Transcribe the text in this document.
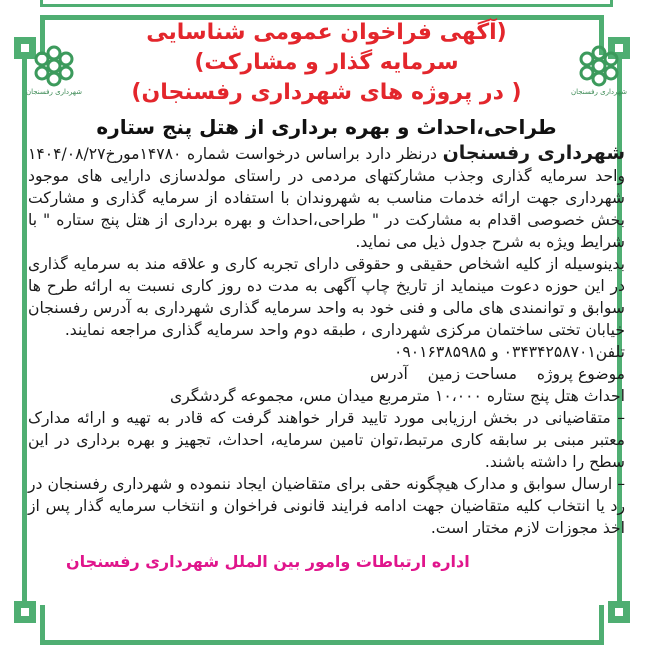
شهرداری رفسنجان	شهرداری رفسنجان
(آگهی فراخوان عمومی شناسایی سرمایه گذار و مشارکت)
( در پروژه های شهرداری رفسنجان)
طراحی،احداث و بهره برداری از هتل پنج ستاره

شهرداری رفسنجان درنظر دارد براساس درخواست شماره ۱۴۷۸۰مورخ۱۴۰۴/۰۸/۲۷ واحد سرمایه گذاری وجذب مشارکتهای مردمی در راستای مولدسازی دارایی های موجود شهرداری جهت ارائه خدمات مناسب به شهروندان با استفاده از سرمایه گذاری و مشارکت بخش خصوصی اقدام به مشارکت در " طراحی،احداث و بهره برداری از هتل پنج ستاره " با شرایط ویژه به شرح جدول ذیل می نماید.

بدینوسیله از کلیه اشخاص حقیقی و حقوقی دارای تجربه کاری و علاقه مند به سرمایه گذاری در این حوزه دعوت مینماید از تاریخ چاپ آگهی به مدت ده روز کاری نسبت به ارائه طرح ها سوابق و توانمندی های مالی و فنی خود به واحد سرمایه گذاری شهرداری به آدرس رفسنجان خیابان تختی ساختمان مرکزی شهرداری ، طبقه دوم واحد سرمایه گذاری مراجعه نمایند.

تلفن۰۳۴۳۴۲۵۸۷۰۱ و ۰۹۰۱۶۳۸۵۹۸۵

موضوع پروژه    مساحت زمین    آدرس

احداث هتل پنج ستاره ۱۰،۰۰۰ مترمربع میدان مس، مجموعه گردشگری

– متقاضیانی در بخش ارزیابی مورد تایید قرار خواهند گرفت که قادر به تهیه و ارائه مدارک معتبر مبنی بر سابقه کاری مرتبط،توان تامین سرمایه، احداث، تجهیز و بهره برداری در این سطح را داشته باشند.

– ارسال سوابق و مدارک هیچگونه حقی برای متقاضیان ایجاد ننموده و شهرداری رفسنجان در رد یا انتخاب کلیه متقاضیان جهت ادامه فرایند قانونی فراخوان و انتخاب سرمایه گذار پس از اخذ مجوزات لازم مختار است.

اداره ارتباطات وامور بین الملل شهرداری رفسنجان
